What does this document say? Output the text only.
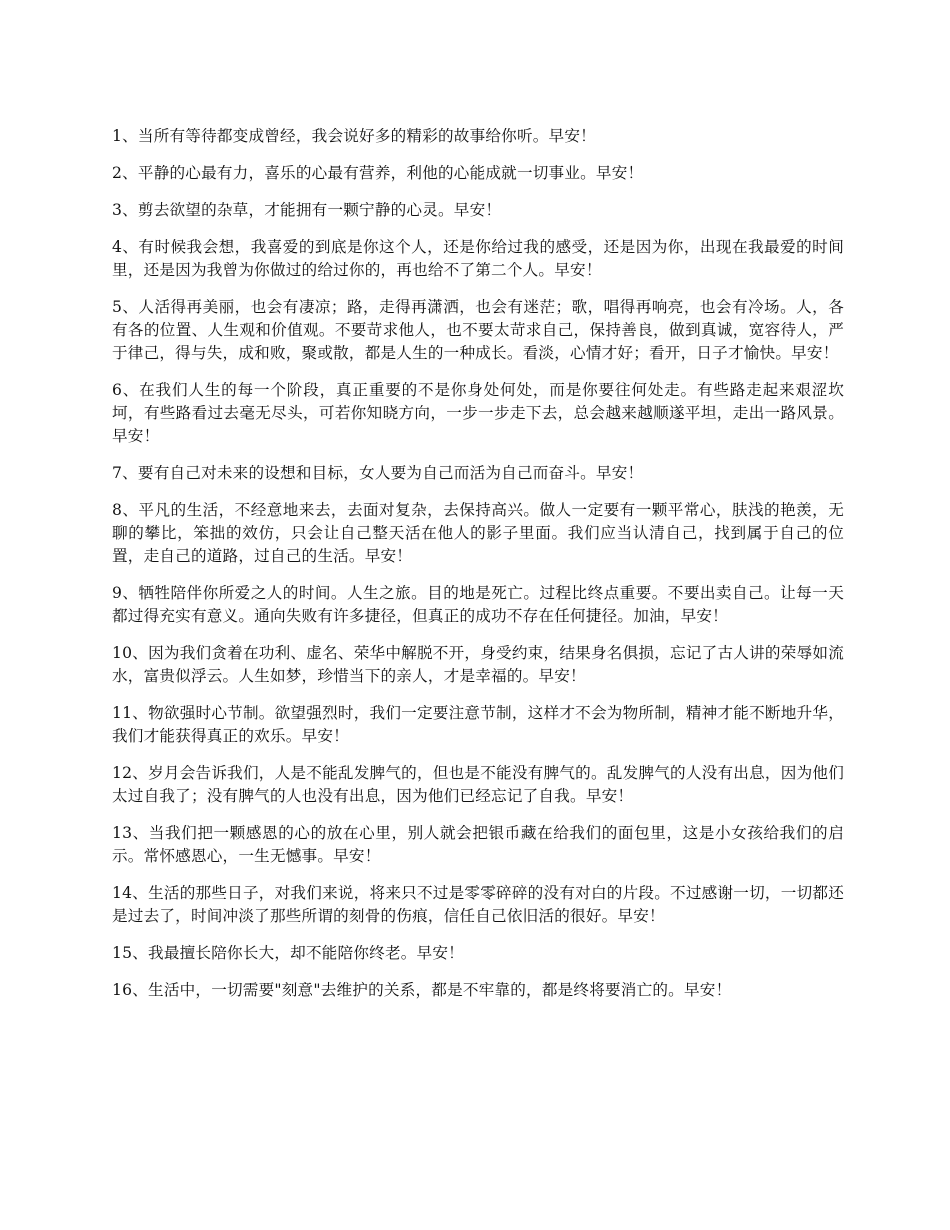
1、当所有等待都变成曾经，我会说好多的精彩的故事给你听。早安！

2、平静的心最有力，喜乐的心最有营养，利他的心能成就一切事业。早安！

3、剪去欲望的杂草，才能拥有一颗宁静的心灵。早安！

4、有时候我会想，我喜爱的到底是你这个人，还是你给过我的感受，还是因为你，出现在我最爱的时间里，还是因为我曾为你做过的给过你的，再也给不了第二个人。早安！

5、人活得再美丽，也会有凄凉；路，走得再潇洒，也会有迷茫；歌，唱得再响亮，也会有冷场。人，各有各的位置、人生观和价值观。不要苛求他人，也不要太苛求自己，保持善良，做到真诚，宽容待人，严于律己，得与失，成和败，聚或散，都是人生的一种成长。看淡，心情才好；看开，日子才愉快。早安！

6、在我们人生的每一个阶段，真正重要的不是你身处何处，而是你要往何处走。有些路走起来艰涩坎坷，有些路看过去毫无尽头，可若你知晓方向，一步一步走下去，总会越来越顺遂平坦，走出一路风景。早安！

7、要有自己对未来的设想和目标，女人要为自己而活为自己而奋斗。早安！

8、平凡的生活，不经意地来去，去面对复杂，去保持高兴。做人一定要有一颗平常心，肤浅的艳羡，无聊的攀比，笨拙的效仿，只会让自己整天活在他人的影子里面。我们应当认清自己，找到属于自己的位置，走自己的道路，过自己的生活。早安！

9、牺牲陪伴你所爱之人的时间。人生之旅。目的地是死亡。过程比终点重要。不要出卖自己。让每一天都过得充实有意义。通向失败有许多捷径，但真正的成功不存在任何捷径。加油，早安！

10、因为我们贪着在功利、虚名、荣华中解脱不开，身受约束，结果身名俱损，忘记了古人讲的荣辱如流水，富贵似浮云。人生如梦，珍惜当下的亲人，才是幸福的。早安！

11、物欲强时心节制。欲望强烈时，我们一定要注意节制，这样才不会为物所制，精神才能不断地升华，我们才能获得真正的欢乐。早安！

12、岁月会告诉我们，人是不能乱发脾气的，但也是不能没有脾气的。乱发脾气的人没有出息，因为他们太过自我了；没有脾气的人也没有出息，因为他们已经忘记了自我。早安！

13、当我们把一颗感恩的心的放在心里，别人就会把银币藏在给我们的面包里，这是小女孩给我们的启示。常怀感恩心，一生无憾事。早安！

14、生活的那些日子，对我们来说，将来只不过是零零碎碎的没有对白的片段。不过感谢一切，一切都还是过去了，时间冲淡了那些所谓的刻骨的伤痕，信任自己依旧活的很好。早安！

15、我最擅长陪你长大，却不能陪你终老。早安！

16、生活中，一切需要"刻意"去维护的关系，都是不牢靠的，都是终将要消亡的。早安！
